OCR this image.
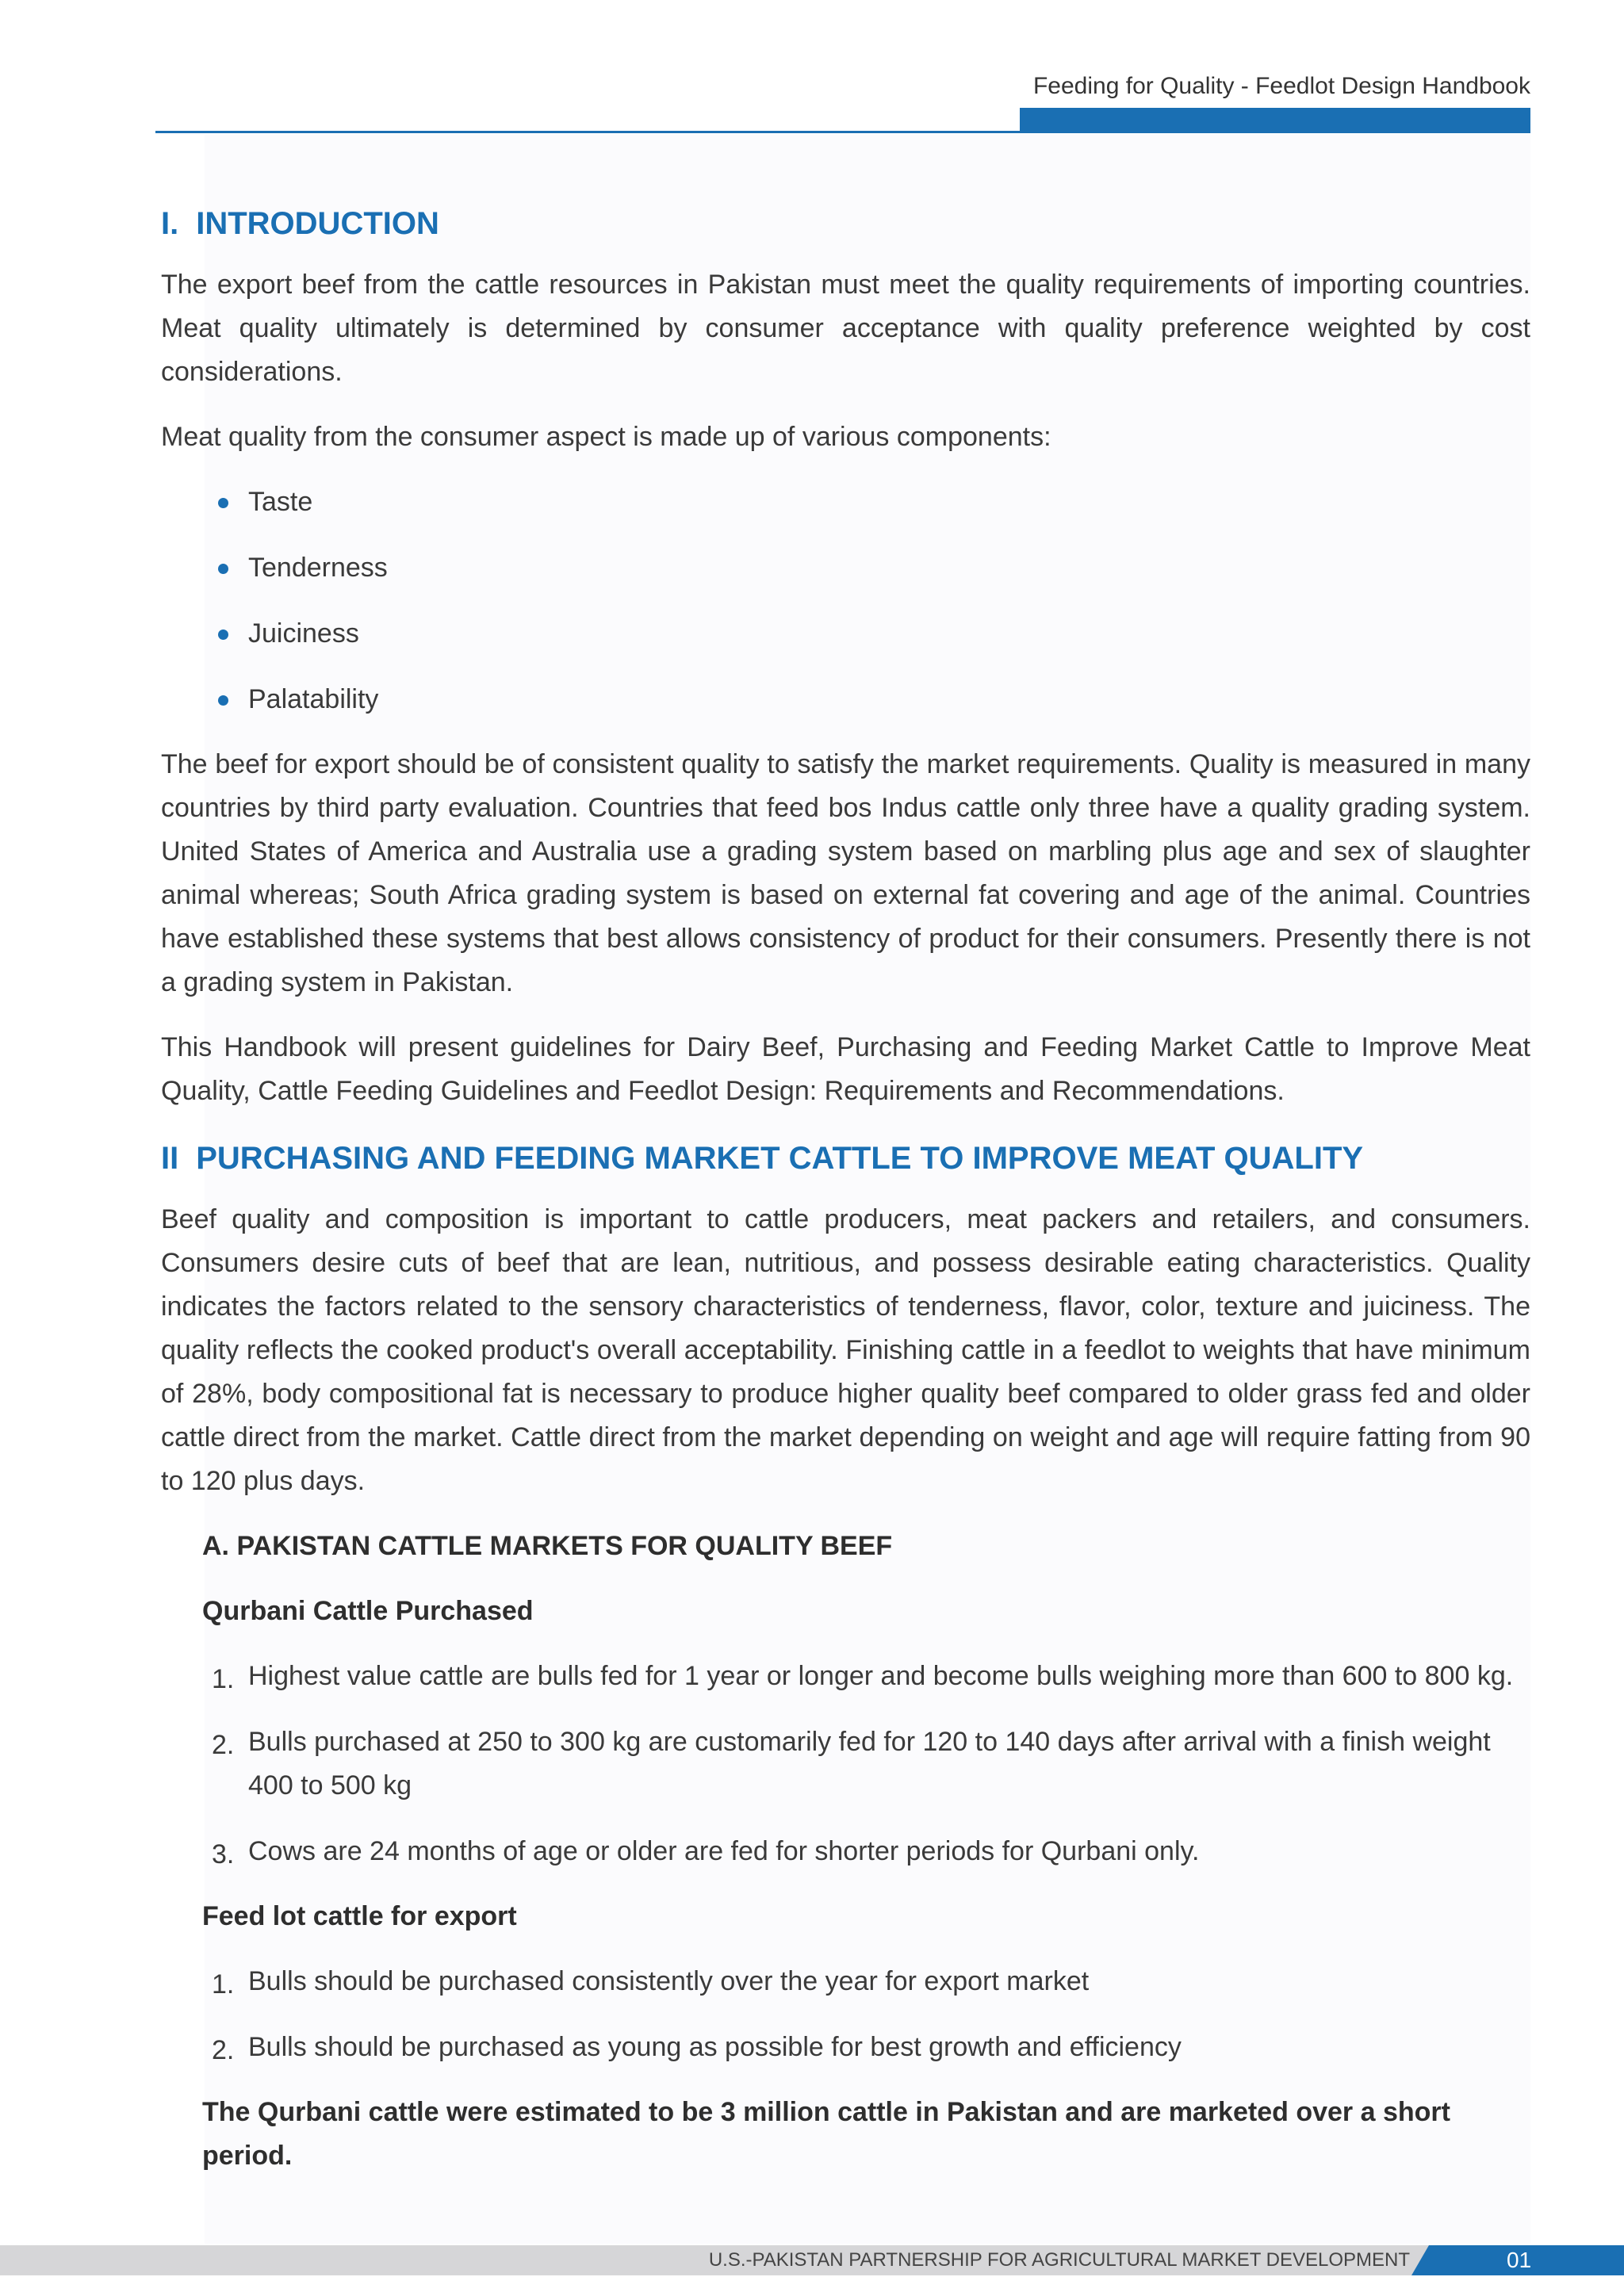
Feeding for Quality - Feedlot Design Handbook
I. INTRODUCTION

The export beef from the cattle resources in Pakistan must meet the quality requirements of importing countries. Meat quality ultimately is determined by consumer acceptance with quality preference weighted by cost considerations.

Meat quality from the consumer aspect is made up of various components:

Taste
Tenderness
Juiciness
Palatability

The beef for export should be of consistent quality to satisfy the market requirements. Quality is measured in many countries by third party evaluation. Countries that feed bos Indus cattle only three have a quality grading system. United States of America and Australia use a grading system based on marbling plus age and sex of slaughter animal whereas; South Africa grading system is based on external fat covering and age of the animal. Countries have established these systems that best allows consistency of product for their consumers. Presently there is not a grading system in Pakistan.

This Handbook will present guidelines for Dairy Beef, Purchasing and Feeding Market Cattle to Improve Meat Quality, Cattle Feeding Guidelines and Feedlot Design: Requirements and Recommendations.

II PURCHASING AND FEEDING MARKET CATTLE TO IMPROVE MEAT QUALITY

Beef quality and composition is important to cattle producers, meat packers and retailers, and consumers. Consumers desire cuts of beef that are lean, nutritious, and possess desirable eating characteristics. Quality indicates the factors related to the sensory characteristics of tenderness, flavor, color, texture and juiciness. The quality reflects the cooked product's overall acceptability. Finishing cattle in a feedlot to weights that have minimum of 28%, body compositional fat is necessary to produce higher quality beef compared to older grass fed and older cattle direct from the market. Cattle direct from the market depending on weight and age will require fatting from 90 to 120 plus days.

A. PAKISTAN CATTLE MARKETS FOR QUALITY BEEF
Qurbani Cattle Purchased
1. Highest value cattle are bulls fed for 1 year or longer and become bulls weighing more than 600 to 800 kg.
2. Bulls purchased at 250 to 300 kg are customarily fed for 120 to 140 days after arrival with a finish weight 400 to 500 kg
3. Cows are 24 months of age or older are fed for shorter periods for Qurbani only.
Feed lot cattle for export
1. Bulls should be purchased consistently over the year for export market
2. Bulls should be purchased as young as possible for best growth and efficiency
The Qurbani cattle were estimated to be 3 million cattle in Pakistan and are marketed over a short period.
U.S.-PAKISTAN PARTNERSHIP FOR AGRICULTURAL MARKET DEVELOPMENT	01
